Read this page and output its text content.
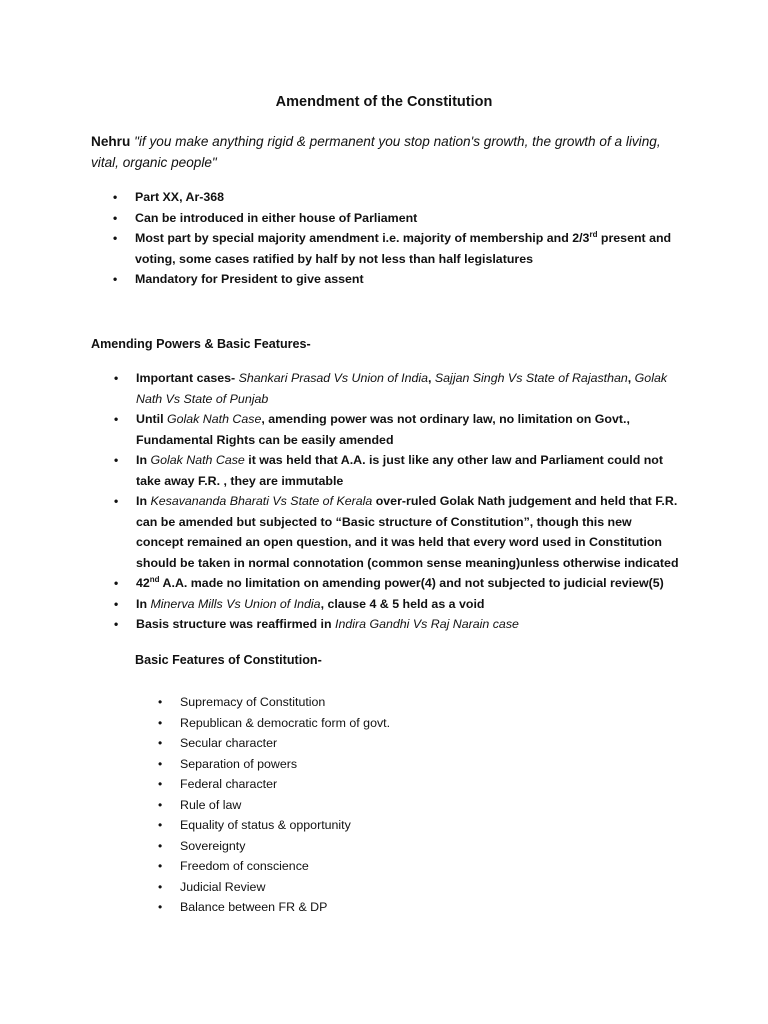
Amendment of the Constitution

Nehru "if you make anything rigid & permanent you stop nation's growth, the growth of a living, vital, organic people"

•	Part XX, Ar-368
•	Can be introduced in either house of Parliament
•	Most part by special majority amendment i.e. majority of membership and 2/3rd present and voting, some cases ratified by half by not less than half legislatures
•	Mandatory for President to give assent

Amending Powers & Basic Features-

•	Important cases- Shankari Prasad Vs Union of India, Sajjan Singh Vs State of Rajasthan, Golak Nath Vs State of Punjab
•	Until Golak Nath Case, amending power was not ordinary law, no limitation on Govt., Fundamental Rights can be easily amended
•	In Golak Nath Case it was held that A.A. is just like any other law and Parliament could not take away F.R. , they are immutable
•	In Kesavananda Bharati Vs State of Kerala over-ruled Golak Nath judgement and held that F.R. can be amended but subjected to “Basic structure of Constitution”, though this new concept remained an open question, and it was held that every word used in Constitution should be taken in normal connotation (common sense meaning)unless otherwise indicated
•	42nd A.A. made no limitation on amending power(4) and not subjected to judicial review(5)
•	In Minerva Mills Vs Union of India, clause 4 & 5 held as a void
•	Basis structure was reaffirmed in Indira Gandhi Vs Raj Narain case

Basic Features of Constitution-

•	Supremacy of Constitution
•	Republican & democratic form of govt.
•	Secular character
•	Separation of powers
•	Federal character
•	Rule of law
•	Equality of status & opportunity
•	Sovereignty
•	Freedom of conscience
•	Judicial Review
•	Balance between FR & DP
